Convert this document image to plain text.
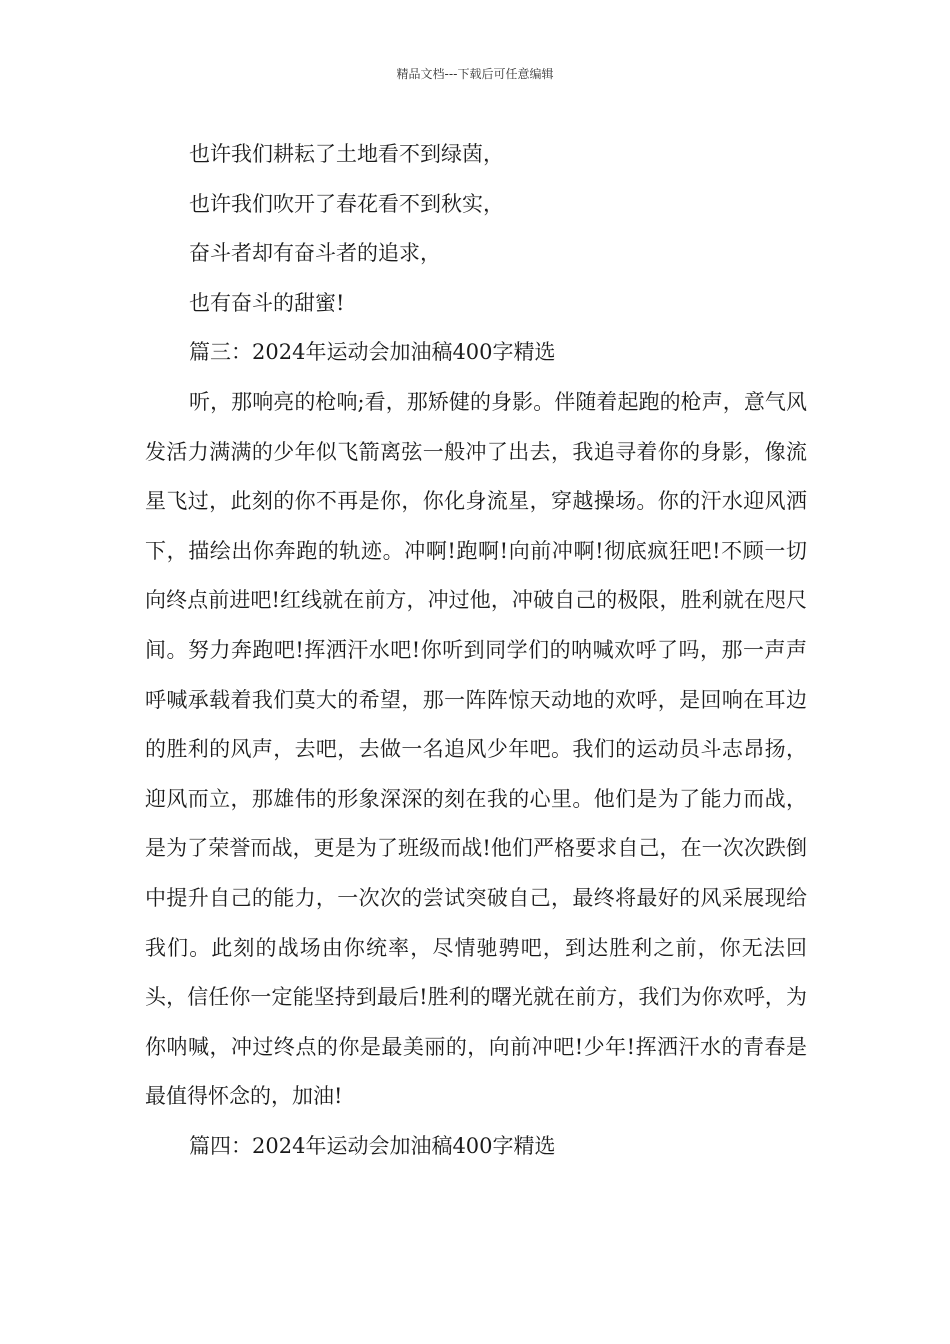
精品文档---下载后可任意编辑

也许我们耕耘了土地看不到绿茵，

也许我们吹开了春花看不到秋实，

奋斗者却有奋斗者的追求，

也有奋斗的甜蜜!

篇三：2024年运动会加油稿400字精选

听，那响亮的枪响;看，那矫健的身影。伴随着起跑的枪声，意气风发活力满满的少年似飞箭离弦一般冲了出去，我追寻着你的身影，像流星飞过，此刻的你不再是你，你化身流星，穿越操场。你的汗水迎风洒下，描绘出你奔跑的轨迹。冲啊!跑啊!向前冲啊!彻底疯狂吧!不顾一切向终点前进吧!红线就在前方，冲过他，冲破自己的极限，胜利就在咫尺间。努力奔跑吧!挥洒汗水吧!你听到同学们的呐喊欢呼了吗，那一声声呼喊承载着我们莫大的希望，那一阵阵惊天动地的欢呼，是回响在耳边的胜利的风声，去吧，去做一名追风少年吧。我们的运动员斗志昂扬，迎风而立，那雄伟的形象深深的刻在我的心里。他们是为了能力而战，是为了荣誉而战，更是为了班级而战!他们严格要求自己，在一次次跌倒中提升自己的能力，一次次的尝试突破自己，最终将最好的风采展现给我们。此刻的战场由你统率，尽情驰骋吧，到达胜利之前，你无法回头，信任你一定能坚持到最后!胜利的曙光就在前方，我们为你欢呼，为你呐喊，冲过终点的你是最美丽的，向前冲吧!少年!挥洒汗水的青春是最值得怀念的，加油!

篇四：2024年运动会加油稿400字精选
